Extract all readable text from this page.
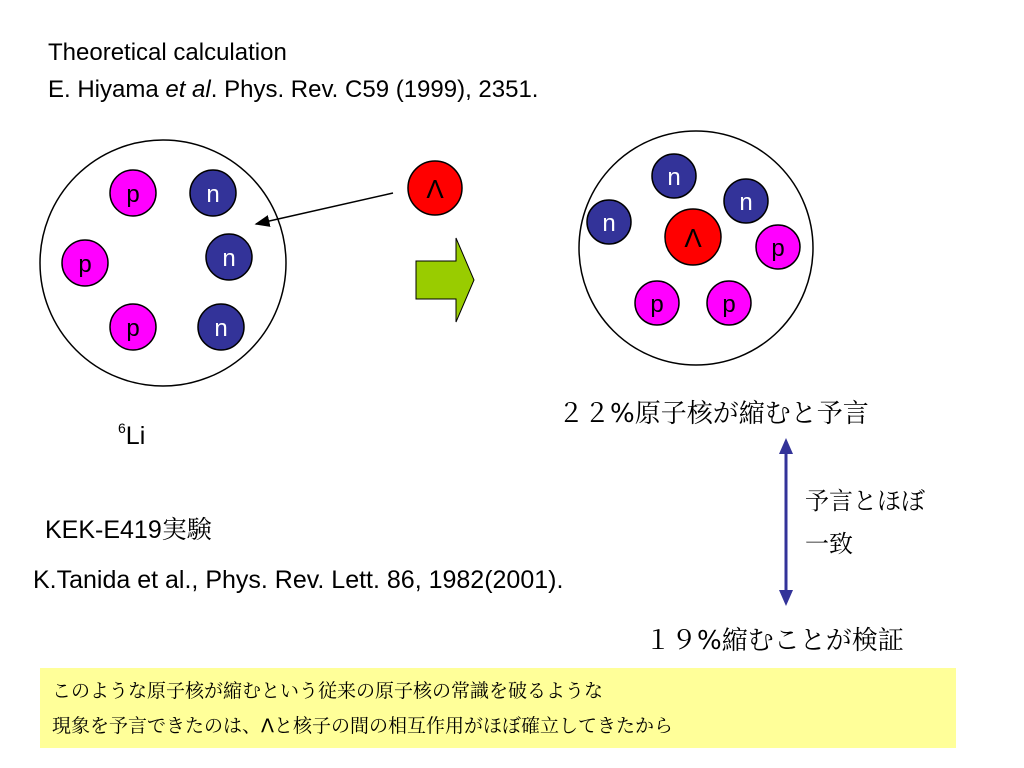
Theoretical calculation
E. Hiyama et al. Phys. Rev. C59 (1999), 2351.
p	n
p	n
p	n
Λ	n
n
n	Λ	p
p p
$^6$Li
２２%原子核が縮むと予言
予言とほぼ
一致
KEK-E419実験
K.Tanida et al., Phys. Rev. Lett. 86, 1982(2001).
１９%縮むことが検証
このような原子核が縮むという従来の原子核の常識を破るような
現象を予言できたのは、Λと核子の間の相互作用がほぼ確立してきたから
